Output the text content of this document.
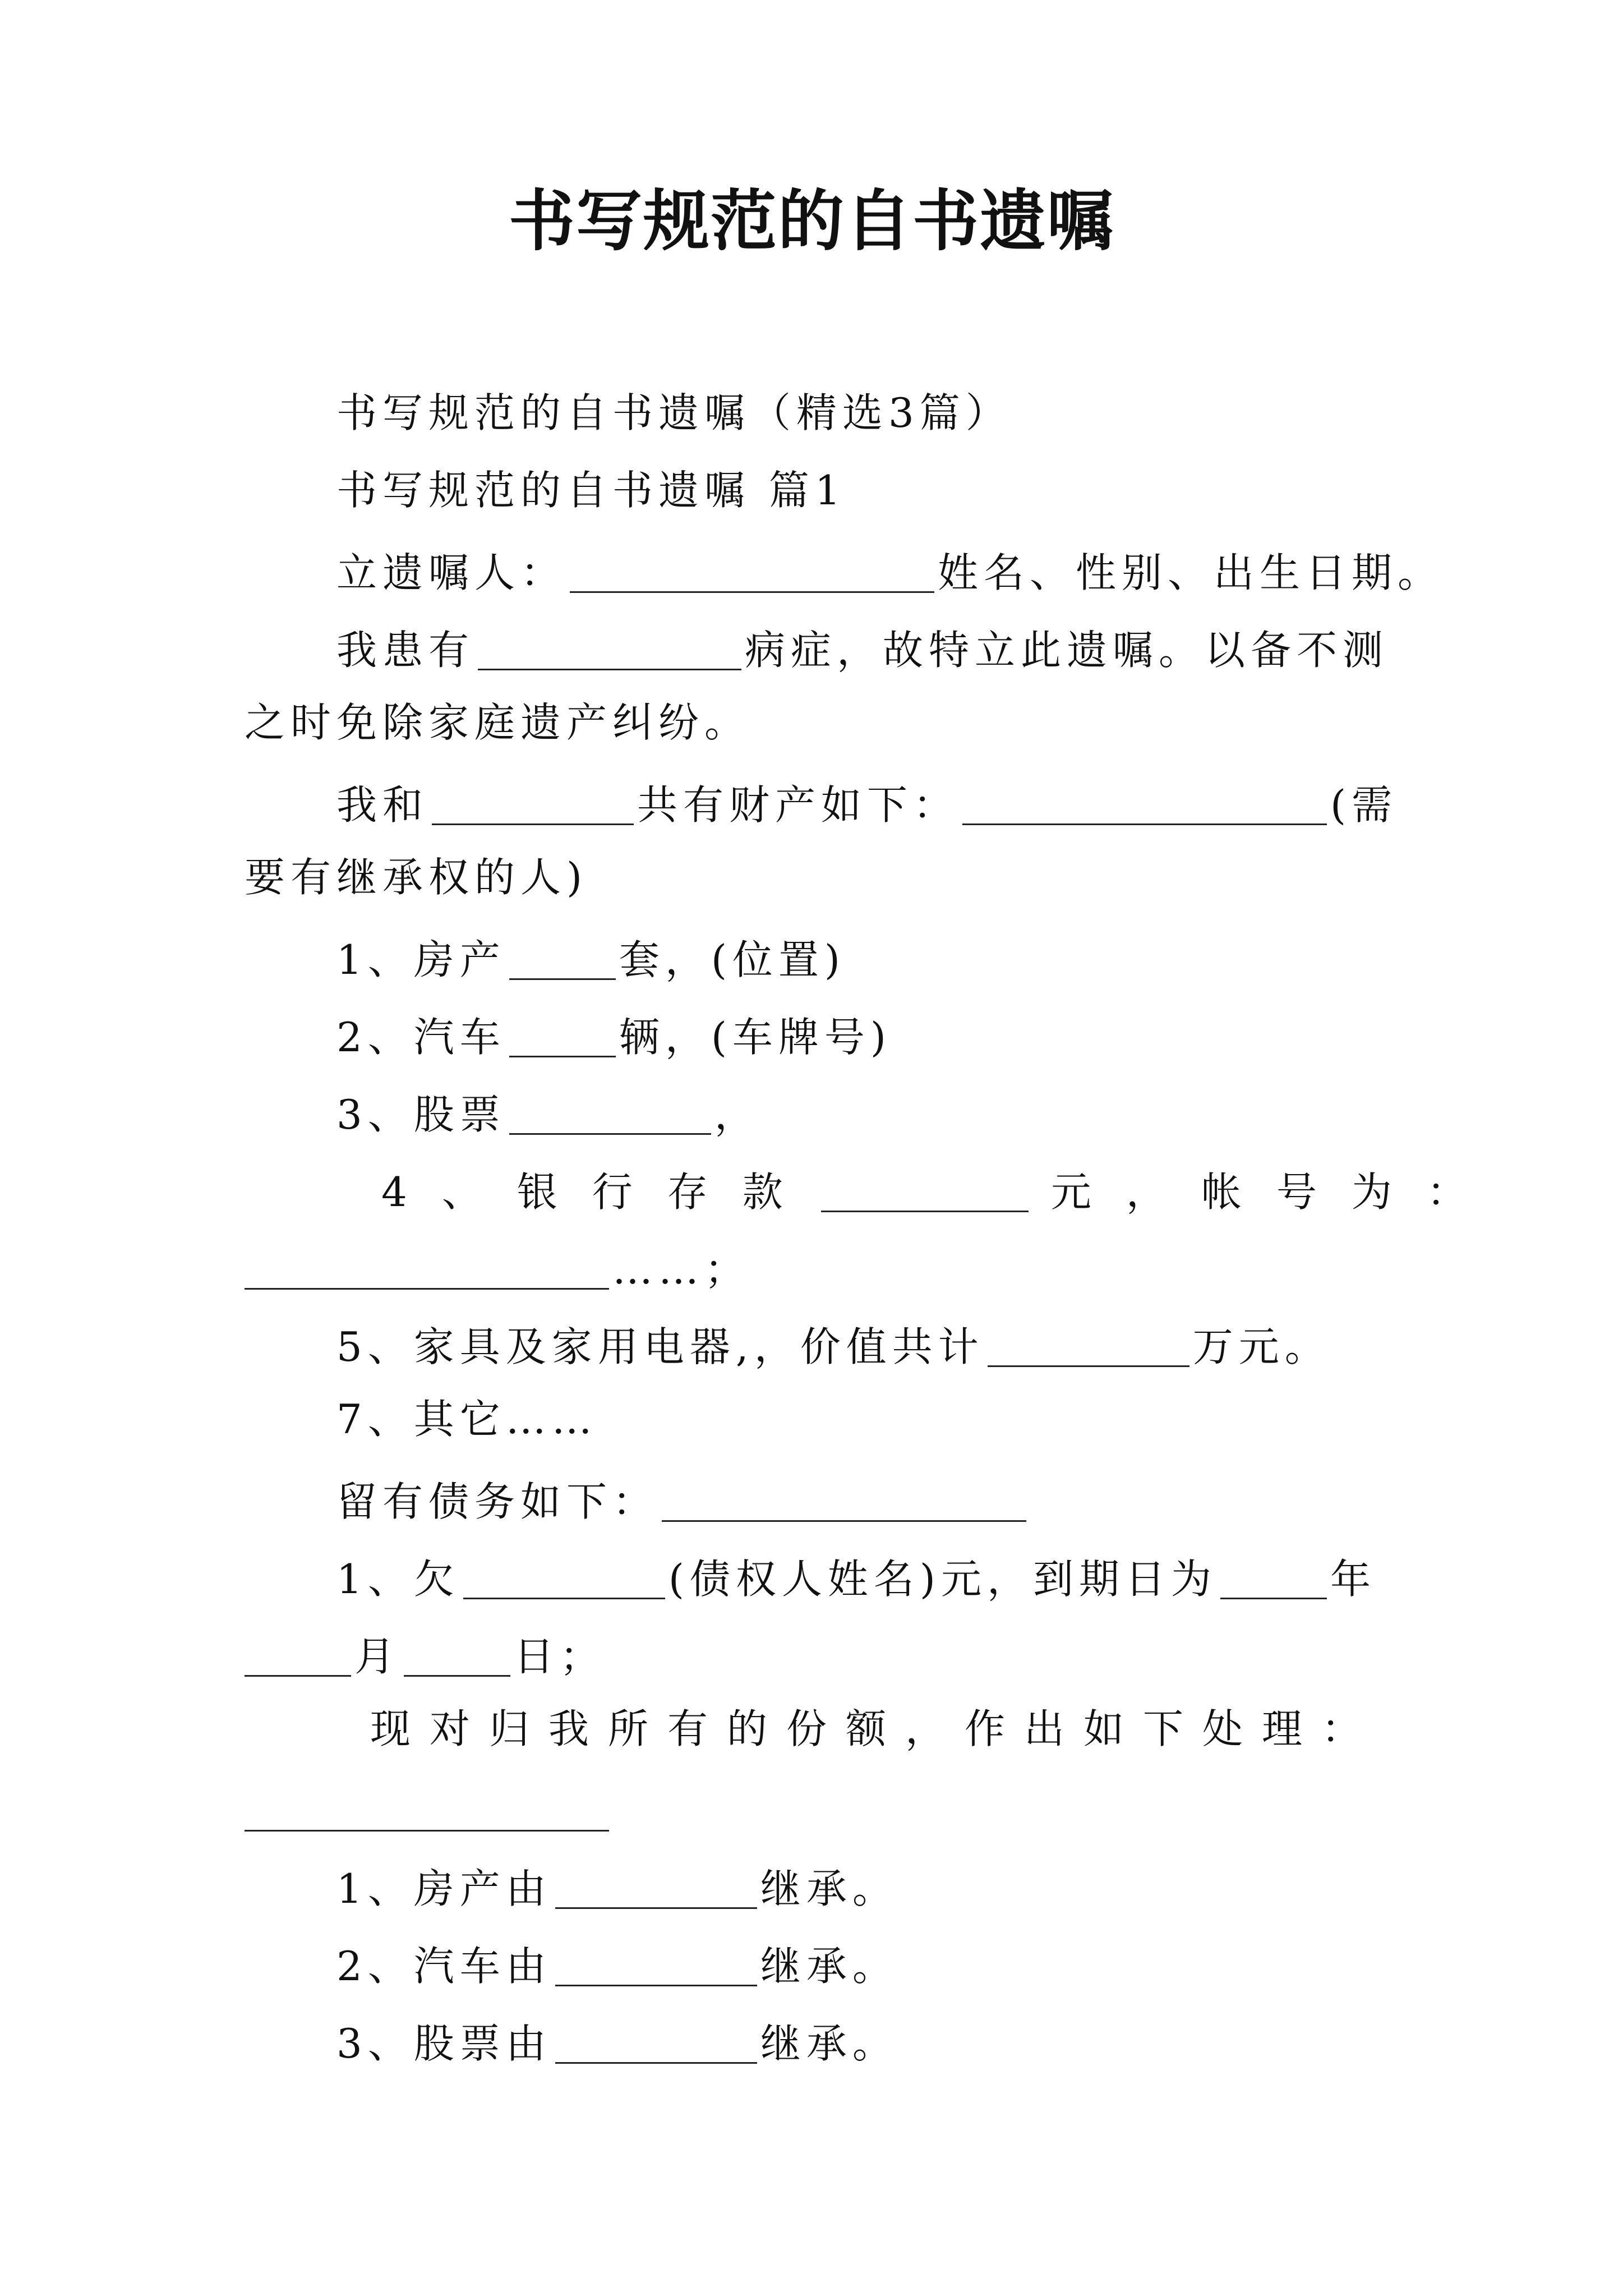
书写规范的自书遗嘱
书写规范的自书遗嘱（精选3篇）
书写规范的自书遗嘱 篇1
立遗嘱人：	姓名、性别、出生日期。
我患有	病症，故特立此遗嘱。以备不测
之时免除家庭遗产纠纷。
我和	共有财产如下：	(需
要有继承权的人)
1、房产	套，(位置)
2、汽车	辆，(车牌号)
3、股票	，
4、银行存款	元，帐号为：
……；
5、家具及家用电器,，价值共计	万元。
7、其它……
留有债务如下：
1、欠	(债权人姓名)元，到期日为	年
月	日；
现对归我所有的份额，作出如下处理：
1、房产由	继承。
2、汽车由	继承。
3、股票由	继承。
